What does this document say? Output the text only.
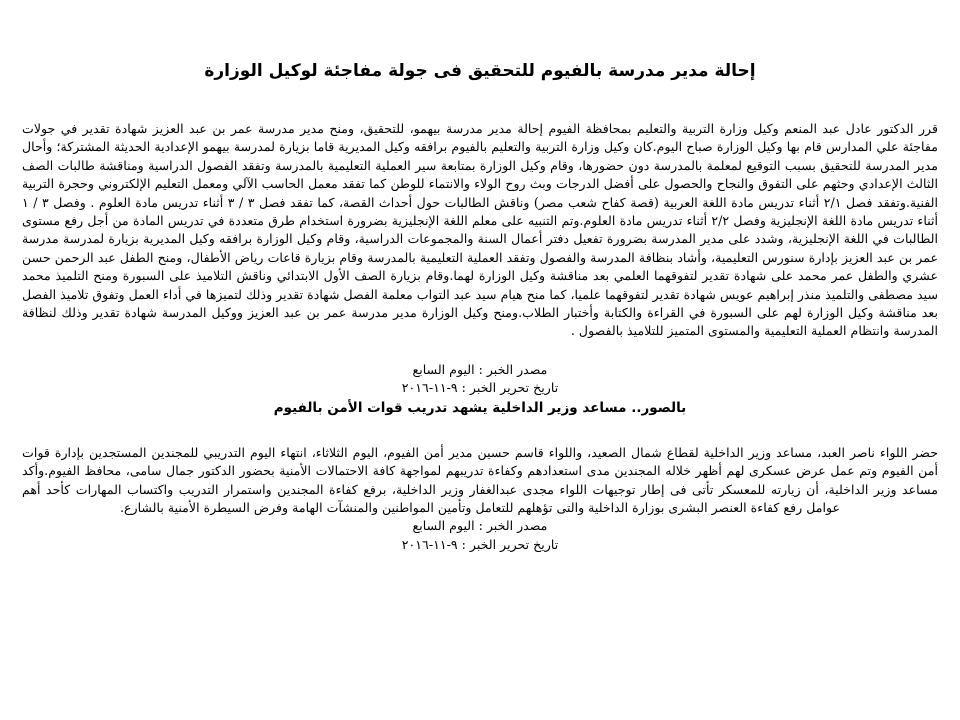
إحالة مدير مدرسة بالفيوم للتحقيق فى جولة مفاجئة لوكيل الوزارة

قرر الدكتور عادل عبد المنعم وكيل وزارة التربية والتعليم بمحافظة الفيوم إحالة مدير مدرسة بيهمو، للتحقيق، ومنح مدير مدرسة عمر بن عبد العزيز شهادة تقدير في جولات مفاجئة علي المدارس قام بها وكيل الوزارة صباح اليوم.كان وكيل وزارة التربية والتعليم بالفيوم برافقه وكيل المديرية قاما بزيارة لمدرسة بيهمو الإعدادية الحديثة المشتركة؛ وأحال مدير المدرسة للتحقيق بسبب التوقيع لمعلمة بالمدرسة دون حضورها، وقام وكيل الوزارة بمتابعة سير العملية التعليمية بالمدرسة وتفقد الفصول الدراسية ومناقشة طالبات الصف الثالث الإعدادي وحثهم على التفوق والنجاح والحصول على أفضل الدرجات وبث روح الولاء والانتماء للوطن كما تفقد معمل الحاسب الآلي ومعمل التعليم الإلكتروني وحجرة التربية الفنية.وتفقد فصل ٢/١ أثناء تدريس مادة اللغة العربية (قصة كفاح شعب مصر) وناقش الطالبات حول أحداث القصة، كما تفقد فصل ٣ / ٣ أثناء تدريس مادة العلوم . وفصل ٣ / ١ أثناء تدريس مادة اللغة الإنجليزية وفصل ٢/٢ أثناء تدريس مادة العلوم.وتم التنبيه على معلم اللغة الإنجليزية بضرورة استخدام طرق متعددة في تدريس المادة من أجل رفع مستوى الطالبات في اللغة الإنجليزية، وشدد على مدير المدرسة بضرورة تفعيل دفتر أعمال السنة والمجموعات الدراسية، وقام وكيل الوزارة برافقه وكيل المديرية بزيارة لمدرسة مدرسة عمر بن عبد العزيز بإدارة سنورس التعليمية، وأشاد بنظافة المدرسة والفصول وتفقد العملية التعليمية بالمدرسة وقام بزيارة قاعات رياض الأطفال، ومنح الطفل عبد الرحمن حسن عشري والطفل عمر محمد على شهادة تقدير لتفوقهما العلمي بعد مناقشة وكيل الوزارة لهما.وقام بزيارة الصف الأول الابتدائي وناقش التلاميذ على السبورة ومنح التلميذ محمد سيد مصطفى والتلميذ منذر إبراهيم عويس شهادة تقدير لتفوقهما علميا، كما منح هيام سيد عبد التواب معلمة الفصل شهادة تقدير وذلك لتميزها في أداء العمل وتفوق تلاميذ الفصل بعد مناقشة وكيل الوزارة لهم على السبورة في القراءة والكتابة وأختبار الطلاب.ومنح وكيل الوزارة مدير مدرسة عمر بن عبد العزيز ووكيل المدرسة شهادة تقدير وذلك لنظافة المدرسة وانتظام العملية التعليمية والمستوى المتميز للتلاميذ بالفصول .

مصدر الخبر : اليوم السابع

تاريخ تحرير الخبر : ٩-١١-٢٠١٦

بالصور.. مساعد وزير الداخلية يشهد تدريب قوات الأمن بالفيوم

حضر اللواء ناصر العبد، مساعد وزير الداخلية لقطاع شمال الصعيد، واللواء قاسم حسين مدير أمن الفيوم، اليوم الثلاثاء، انتهاء اليوم التدريبي للمجندين المستجدين بإدارة قوات أمن الفيوم وتم عمل عرض عسكرى لهم أظهر خلاله المجندين مدى استعدادهم وكفاءة تدريبهم لمواجهة كافة الاحتمالات الأمنية بحضور الدكتور جمال سامى، محافظ الفيوم.وأكد مساعد وزير الداخلية، أن زيارته للمعسكر تأتى فى إطار توجيهات اللواء مجدى عبدالغفار وزير الداخلية، برفع كفاءة المجندين واستمرار التدريب واكتساب المهارات كأحد أهم عوامل رفع كفاءة العنصر البشرى بوزارة الداخلية والتى تؤهلهم للتعامل وتأمين المواطنين والمنشآت الهامة وفرض السيطرة الأمنية بالشارع.

مصدر الخبر : اليوم السابع

تاريخ تحرير الخبر : ٩-١١-٢٠١٦
